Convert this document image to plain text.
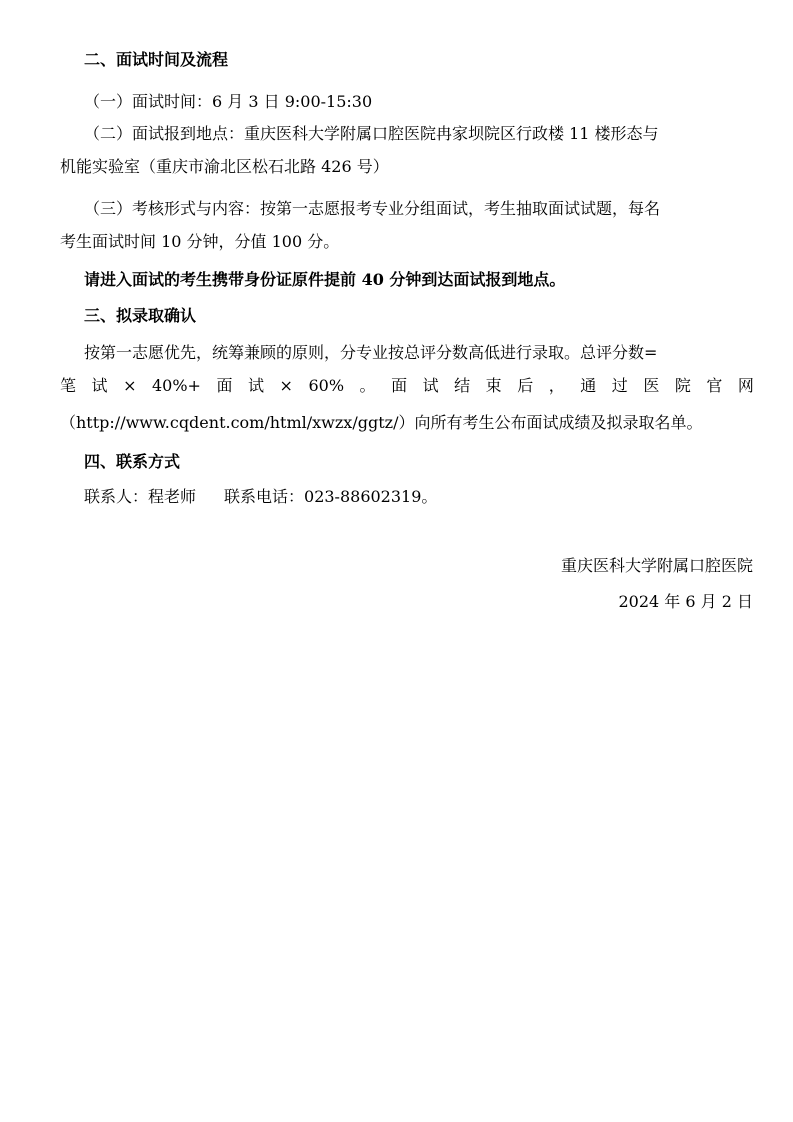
二、面试时间及流程
（一）面试时间：6 月 3 日 9:00-15:30
（二）面试报到地点：重庆医科大学附属口腔医院冉家坝院区行政楼 11 楼形态与
机能实验室（重庆市渝北区松石北路 426 号）
（三）考核形式与内容：按第一志愿报考专业分组面试，考生抽取面试试题，每名
考生面试时间 10 分钟，分值 100 分。
请进入面试的考生携带身份证原件提前 40 分钟到达面试报到地点。
三、拟录取确认
按第一志愿优先，统筹兼顾的原则，分专业按总评分数高低进行录取。总评分数=
笔 试 × 40%+ 面 试 × 60% 。 面 试 结 束 后 ， 通 过 医 院 官 网
（http://www.cqdent.com/html/xwzx/ggtz/）向所有考生公布面试成绩及拟录取名单。
四、联系方式
联系人：程老师 联系电话：023-88602319。
重庆医科大学附属口腔医院
2024 年 6 月 2 日
